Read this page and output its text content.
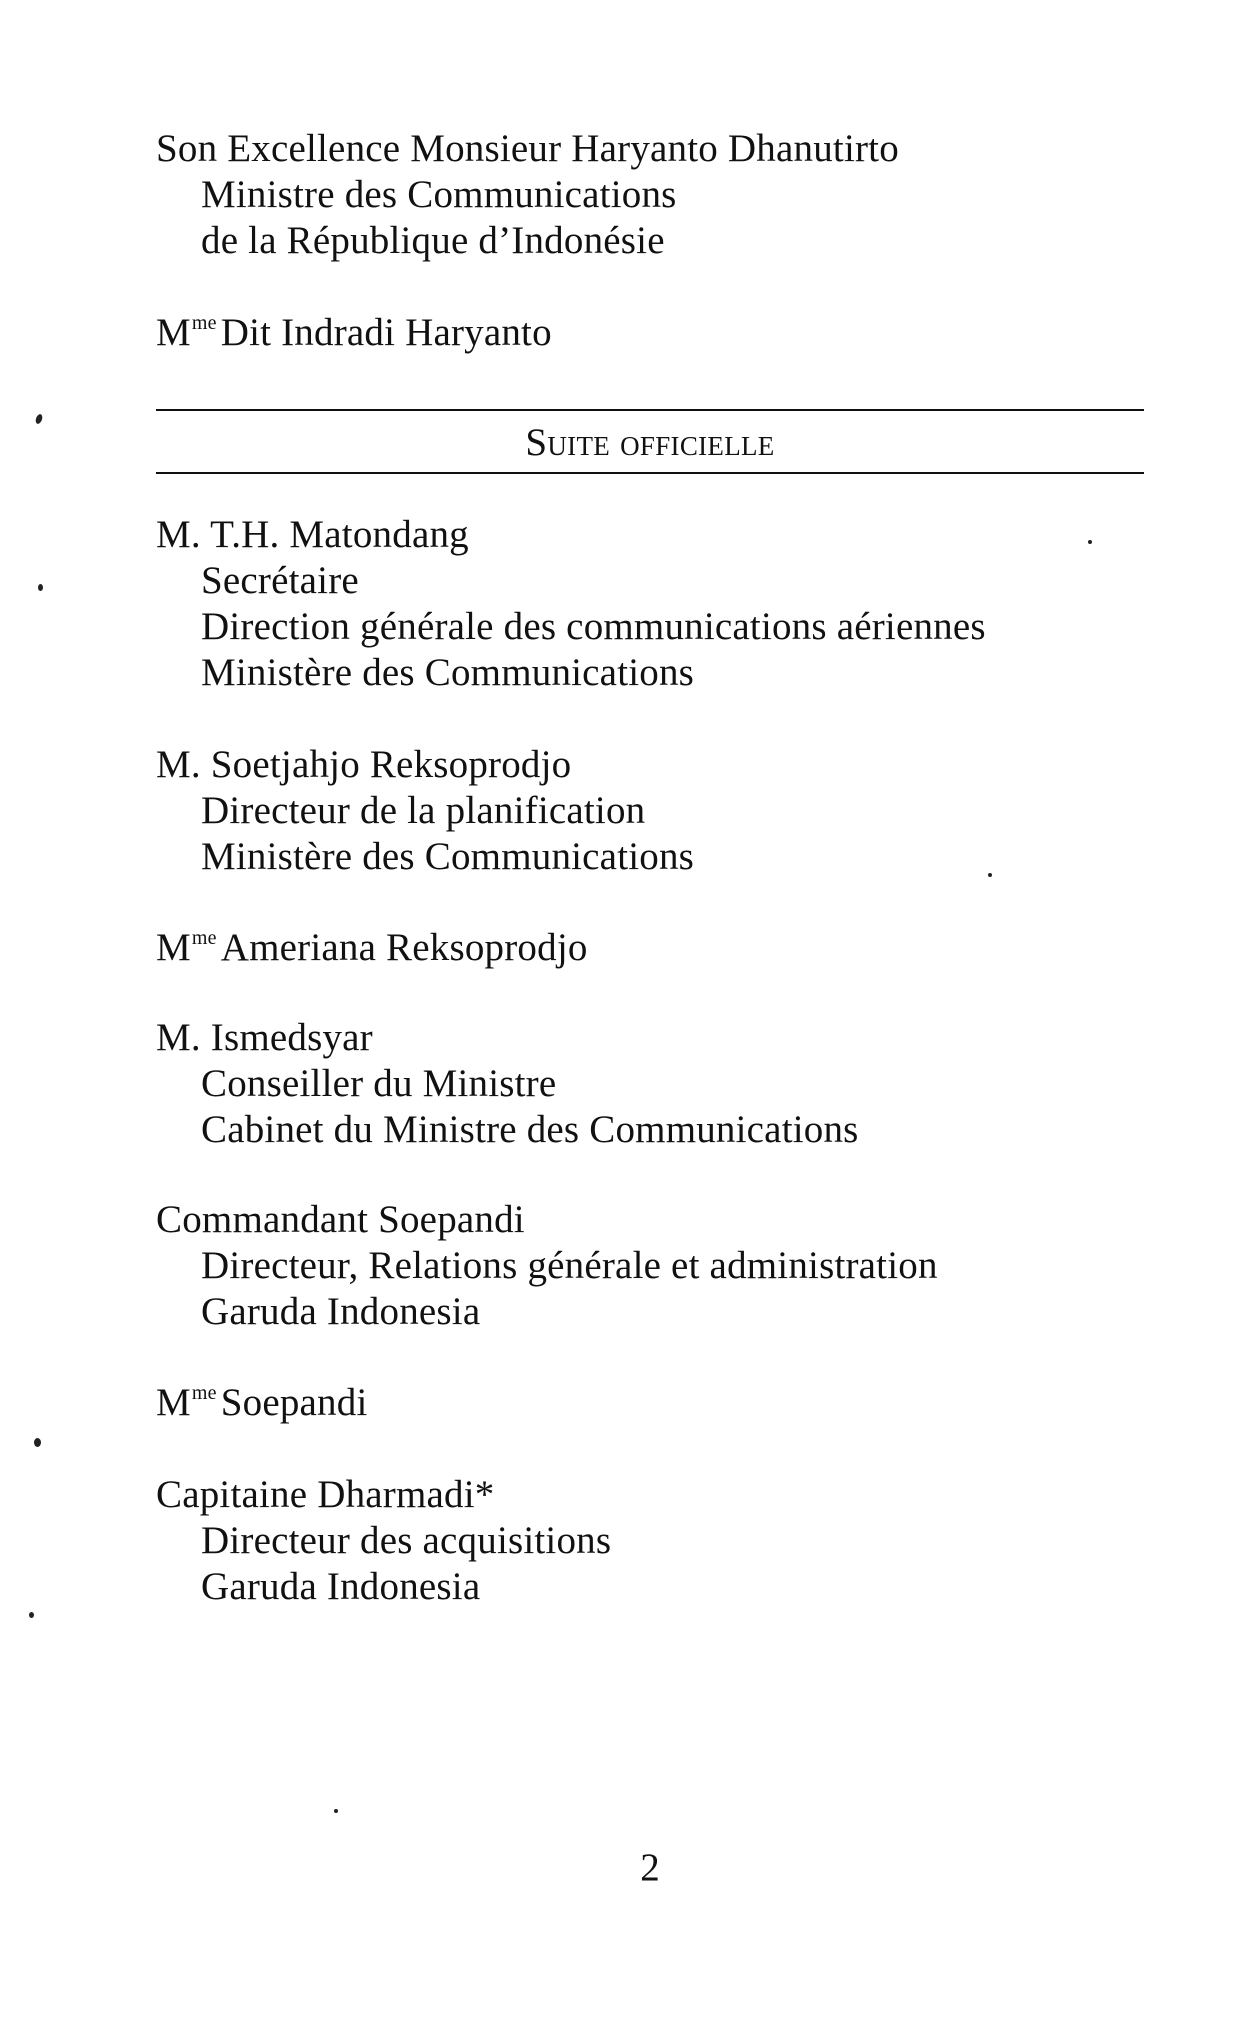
Son Excellence Monsieur Haryanto Dhanutirto
Ministre des Communications
de la République d’Indonésie
$M^{me}$ Dit Indradi Haryanto
Suite officielle
M. T.H. Matondang
Secrétaire
Direction générale des communications aériennes
Ministère des Communications
M. Soetjahjo Reksoprodjo
Directeur de la planification
Ministère des Communications
$M^{me}$ Ameriana Reksoprodjo
M. Ismedsyar
Conseiller du Ministre
Cabinet du Ministre des Communications
Commandant Soepandi
Directeur, Relations générale et administration
Garuda Indonesia
$M^{me}$ Soepandi
Capitaine Dharmadi*
Directeur des acquisitions
Garuda Indonesia
2
